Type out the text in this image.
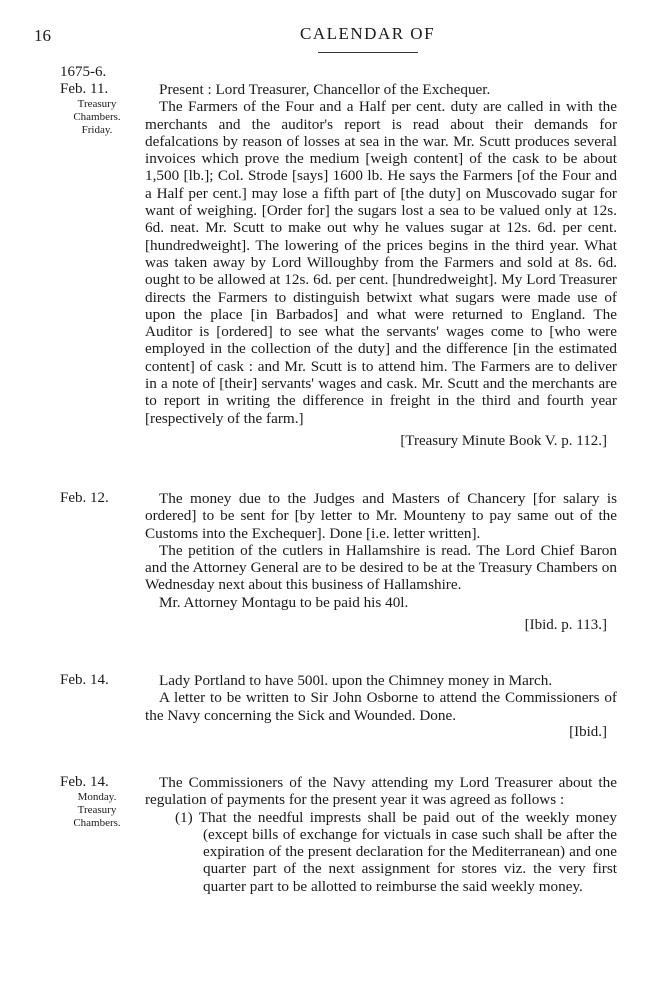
16	CALENDAR OF
1675-6.
Feb. 11.
Treasury
Chambers.
Friday.

Present : Lord Treasurer, Chancellor of the Exchequer.

The Farmers of the Four and a Half per cent. duty are called in with the merchants and the auditor's report is read about their demands for defalcations by reason of losses at sea in the war. Mr. Scutt produces several invoices which prove the medium [weigh content] of the cask to be about 1,500 [lb.]; Col. Strode [says] 1600 lb. He says the Farmers [of the Four and a Half per cent.] may lose a fifth part of [the duty] on Muscovado sugar for want of weighing. [Order for] the sugars lost a sea to be valued only at 12s. 6d. neat. Mr. Scutt to make out why he values sugar at 12s. 6d. per cent. [hundredweight]. The lowering of the prices begins in the third year. What was taken away by Lord Willoughby from the Farmers and sold at 8s. 6d. ought to be allowed at 12s. 6d. per cent. [hundredweight]. My Lord Treasurer directs the Farmers to distinguish betwixt what sugars were made use of upon the place [in Barbados] and what were returned to England. The Auditor is [ordered] to see what the servants' wages come to [who were employed in the collection of the duty] and the difference [in the estimated content] of cask : and Mr. Scutt is to attend him. The Farmers are to deliver in a note of [their] servants' wages and cask. Mr. Scutt and the merchants are to report in writing the difference in freight in the third and fourth year [respectively of the farm.]

[Treasury Minute Book V. p. 112.]
Feb. 12.	The money due to the Judges and Masters of Chancery [for salary is ordered] to be sent for [by letter to Mr. Mounteny to pay same out of the Customs into the Exchequer]. Done [i.e. letter written].

The petition of the cutlers in Hallamshire is read. The Lord Chief Baron and the Attorney General are to be desired to be at the Treasury Chambers on Wednesday next about this business of Hallamshire.

Mr. Attorney Montagu to be paid his 40l.

[Ibid. p. 113.]
Feb. 14.	Lady Portland to have 500l. upon the Chimney money in March.

A letter to be written to Sir John Osborne to attend the Commissioners of the Navy concerning the Sick and Wounded. Done.

[Ibid.]
Feb. 14.
Monday.
Treasury
Chambers.

The Commissioners of the Navy attending my Lord Treasurer about the regulation of payments for the present year it was agreed as follows :

(1) That the needful imprests shall be paid out of the weekly money (except bills of exchange for victuals in case such shall be after the expiration of the present declaration for the Mediterranean) and one quarter part of the next assignment for stores viz. the very first quarter part to be allotted to reimburse the said weekly money.
